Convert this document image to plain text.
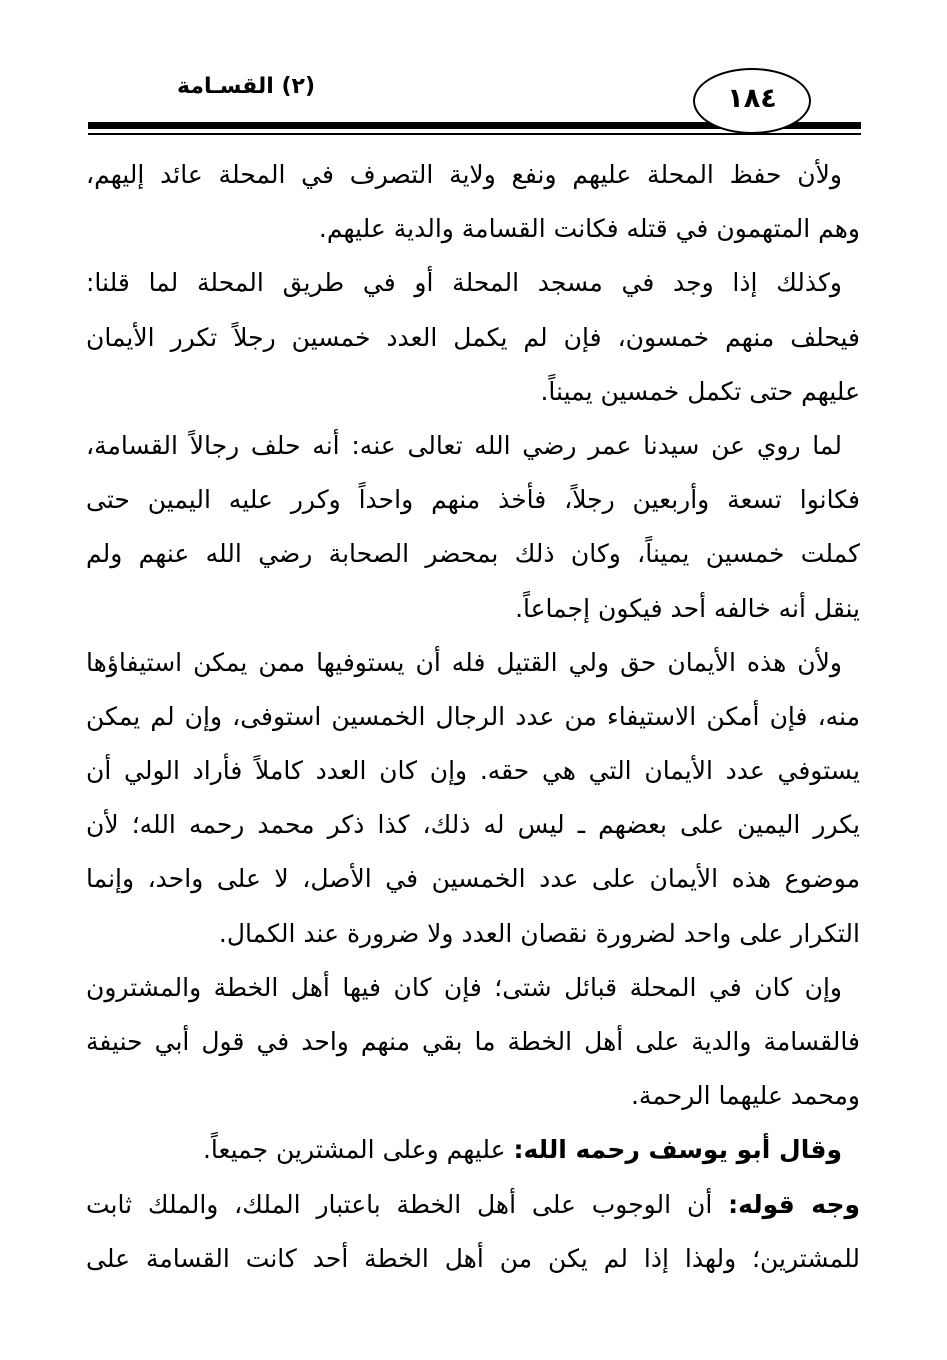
(٢) القسـامة	١٨٤
ولأن حفظ المحلة عليهم ونفع ولاية التصرف في المحلة عائد إليهم،
وهم المتهمون في قتله فكانت القسامة والدية عليهم.
وكذلك إذا وجد في مسجد المحلة أو في طريق المحلة لما قلنا:
فيحلف منهم خمسون، فإن لم يكمل العدد خمسين رجلاً تكرر الأيمان
عليهم حتى تكمل خمسين يميناً.
لما روي عن سيدنا عمر رضي الله تعالى عنه: أنه حلف رجالاً القسامة،
فكانوا تسعة وأربعين رجلاً، فأخذ منهم واحداً وكرر عليه اليمين حتى
كملت خمسين يميناً، وكان ذلك بمحضر الصحابة رضي الله عنهم ولم
ينقل أنه خالفه أحد فيكون إجماعاً.
ولأن هذه الأيمان حق ولي القتيل فله أن يستوفيها ممن يمكن استيفاؤها
منه، فإن أمكن الاستيفاء من عدد الرجال الخمسين استوفى، وإن لم يمكن
يستوفي عدد الأيمان التي هي حقه. وإن كان العدد كاملاً فأراد الولي أن
يكرر اليمين على بعضهم ـ ليس له ذلك، كذا ذكر محمد رحمه الله؛ لأن
موضوع هذه الأيمان على عدد الخمسين في الأصل، لا على واحد، وإنما
التكرار على واحد لضرورة نقصان العدد ولا ضرورة عند الكمال.
وإن كان في المحلة قبائل شتى؛ فإن كان فيها أهل الخطة والمشترون
فالقسامة والدية على أهل الخطة ما بقي منهم واحد في قول أبي حنيفة
ومحمد عليهما الرحمة.
وقال أبو يوسف رحمه الله: عليهم وعلى المشترين جميعاً.
وجه قوله: أن الوجوب على أهل الخطة باعتبار الملك، والملك ثابت
للمشترين؛ ولهذا إذا لم يكن من أهل الخطة أحد كانت القسامة على
